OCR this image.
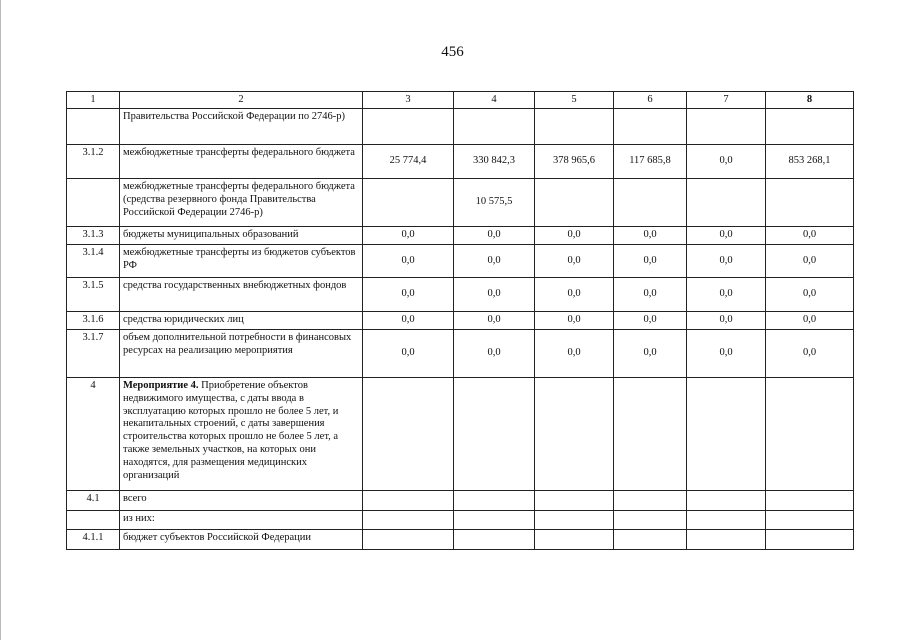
456
1	2	3	4	5	6	7	8
	Правительства Российской Федерации по 2746-р)						
3.1.2	межбюджетные трансферты федерального бюджета	25 774,4	330 842,3	378 965,6	117 685,8	0,0	853 268,1
	межбюджетные трансферты федерального бюджета (средства резервного фонда Правительства Российской Федерации 2746-р)		10 575,5				
3.1.3	бюджеты муниципальных образований	0,0	0,0	0,0	0,0	0,0	0,0
3.1.4	межбюджетные трансферты из бюджетов субъектов РФ	0,0	0,0	0,0	0,0	0,0	0,0
3.1.5	средства государственных внебюджетных фондов	0,0	0,0	0,0	0,0	0,0	0,0
3.1.6	средства юридических лиц	0,0	0,0	0,0	0,0	0,0	0,0
3.1.7	объем дополнительной потребности в финансовых ресурсах на реализацию мероприятия	0,0	0,0	0,0	0,0	0,0	0,0
4	Мероприятие 4. Приобретение объектов недвижимого имущества, с даты ввода в эксплуатацию которых прошло не более 5 лет, и некапитальных строений, с даты завершения строительства которых прошло не более 5 лет, а также земельных участков, на которых они находятся, для размещения медицинских организаций						
4.1	всего						
	из них:						
4.1.1	бюджет субъектов Российской Федерации						
